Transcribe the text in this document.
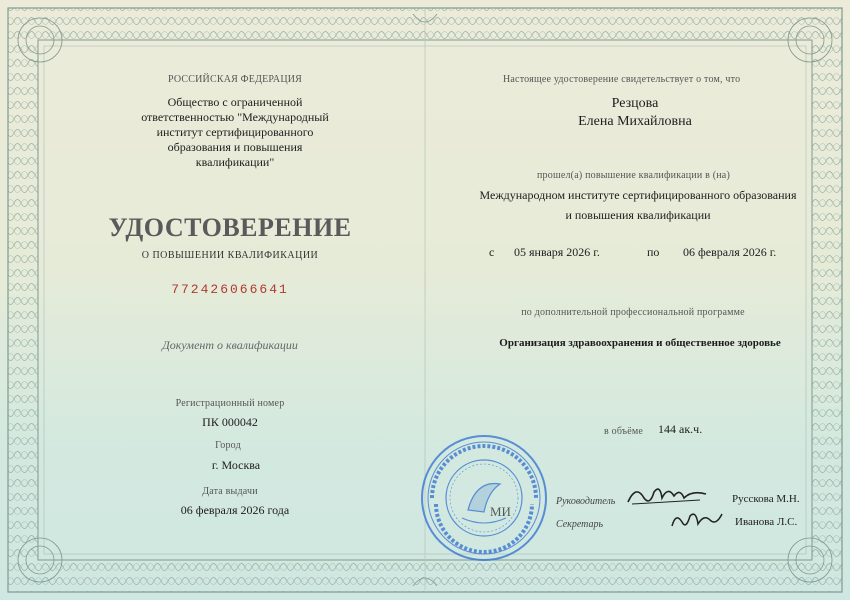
РОССИЙСКАЯ ФЕДЕРАЦИЯ
Общество с ограниченной
ответственностью "Международный
институт сертифицированного
образования и повышения
квалификации"
УДОСТОВЕРЕНИЕ
О ПОВЫШЕНИИ КВАЛИФИКАЦИИ
772426066641
Документ о квалификации
Регистрационный номер
ПК 000042
Город
г. Москва
Дата выдачи
06 февраля 2026 года
Настоящее удостоверение свидетельствует о том, что
Резцова
Елена Михайловна
прошел(а) повышение квалификации в (на)
Международном институте сертифицированного образования
и повышения квалификации
с 05 января 2026 г.	по 06 февраля 2026 г.
по дополнительной профессиональной программе
Организация здравоохранения и общественное здоровье
в объёме 144 ак.ч.
МИ
Руководитель	Русскова М.Н.
Секретарь	Иванова Л.С.
